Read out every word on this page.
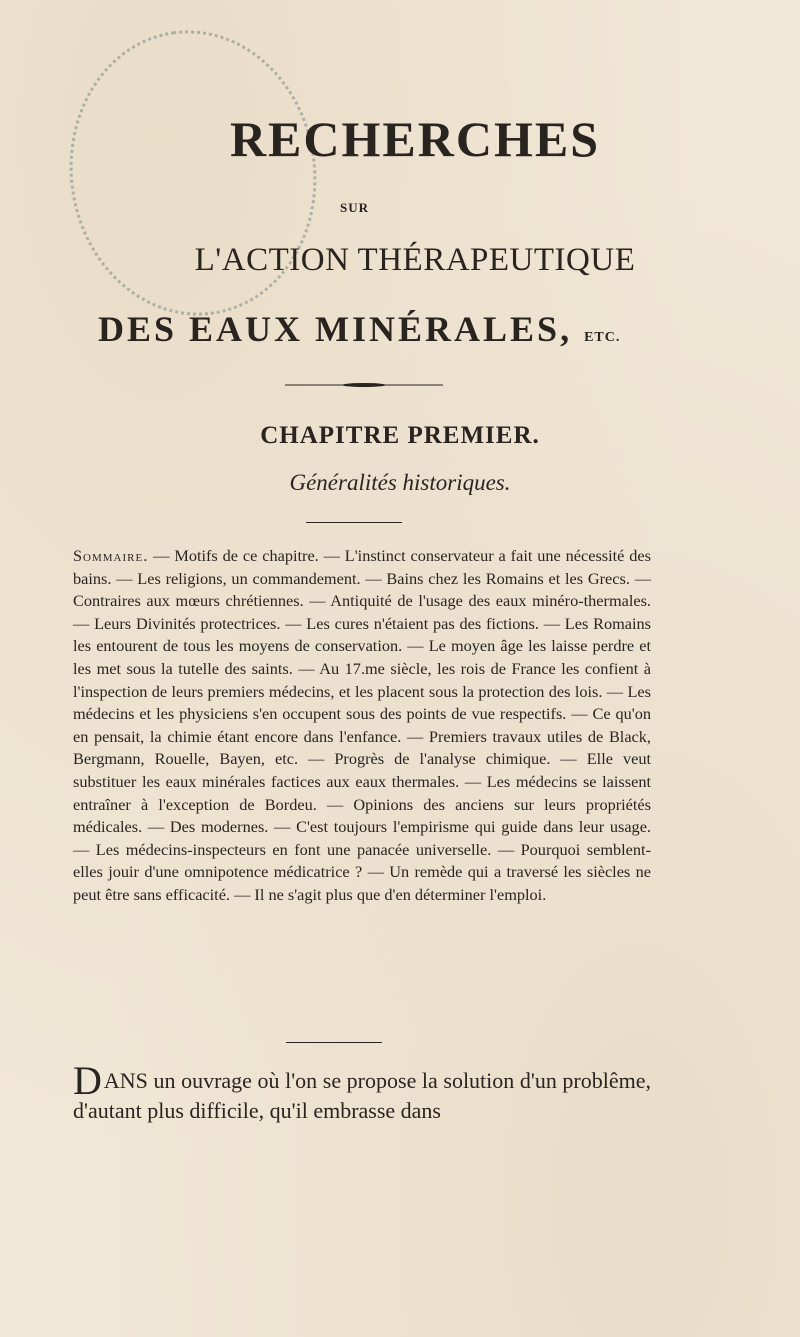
RECHERCHES
SUR
L'ACTION THÉRAPEUTIQUE
DES EAUX MINÉRALES, ETC.
CHAPITRE PREMIER.
Généralités historiques.
Sommaire. — Motifs de ce chapitre. — L'instinct conservateur a fait une nécessité des bains. — Les religions, un commandement. — Bains chez les Romains et les Grecs. — Contraires aux mœurs chrétiennes. — Antiquité de l'usage des eaux minéro-thermales. — Leurs Divinités protectrices. — Les cures n'étaient pas des fictions. — Les Romains les entourent de tous les moyens de conservation. — Le moyen âge les laisse perdre et les met sous la tutelle des saints. — Au 17.me siècle, les rois de France les confient à l'inspection de leurs premiers médecins, et les placent sous la protection des lois. — Les médecins et les physiciens s'en occupent sous des points de vue respectifs. — Ce qu'on en pensait, la chimie étant encore dans l'enfance. — Premiers travaux utiles de Black, Bergmann, Rouelle, Bayen, etc. — Progrès de l'analyse chimique. — Elle veut substituer les eaux minérales factices aux eaux thermales. — Les médecins se laissent entraîner à l'exception de Bordeu. — Opinions des anciens sur leurs propriétés médicales. — Des modernes. — C'est toujours l'empirisme qui guide dans leur usage. — Les médecins-inspecteurs en font une panacée universelle. — Pourquoi semblent-elles jouir d'une omnipotence médicatrice ? — Un remède qui a traversé les siècles ne peut être sans efficacité. — Il ne s'agit plus que d'en déterminer l'emploi.
DANS un ouvrage où l'on se propose la solution d'un problême, d'autant plus difficile, qu'il embrasse dans
